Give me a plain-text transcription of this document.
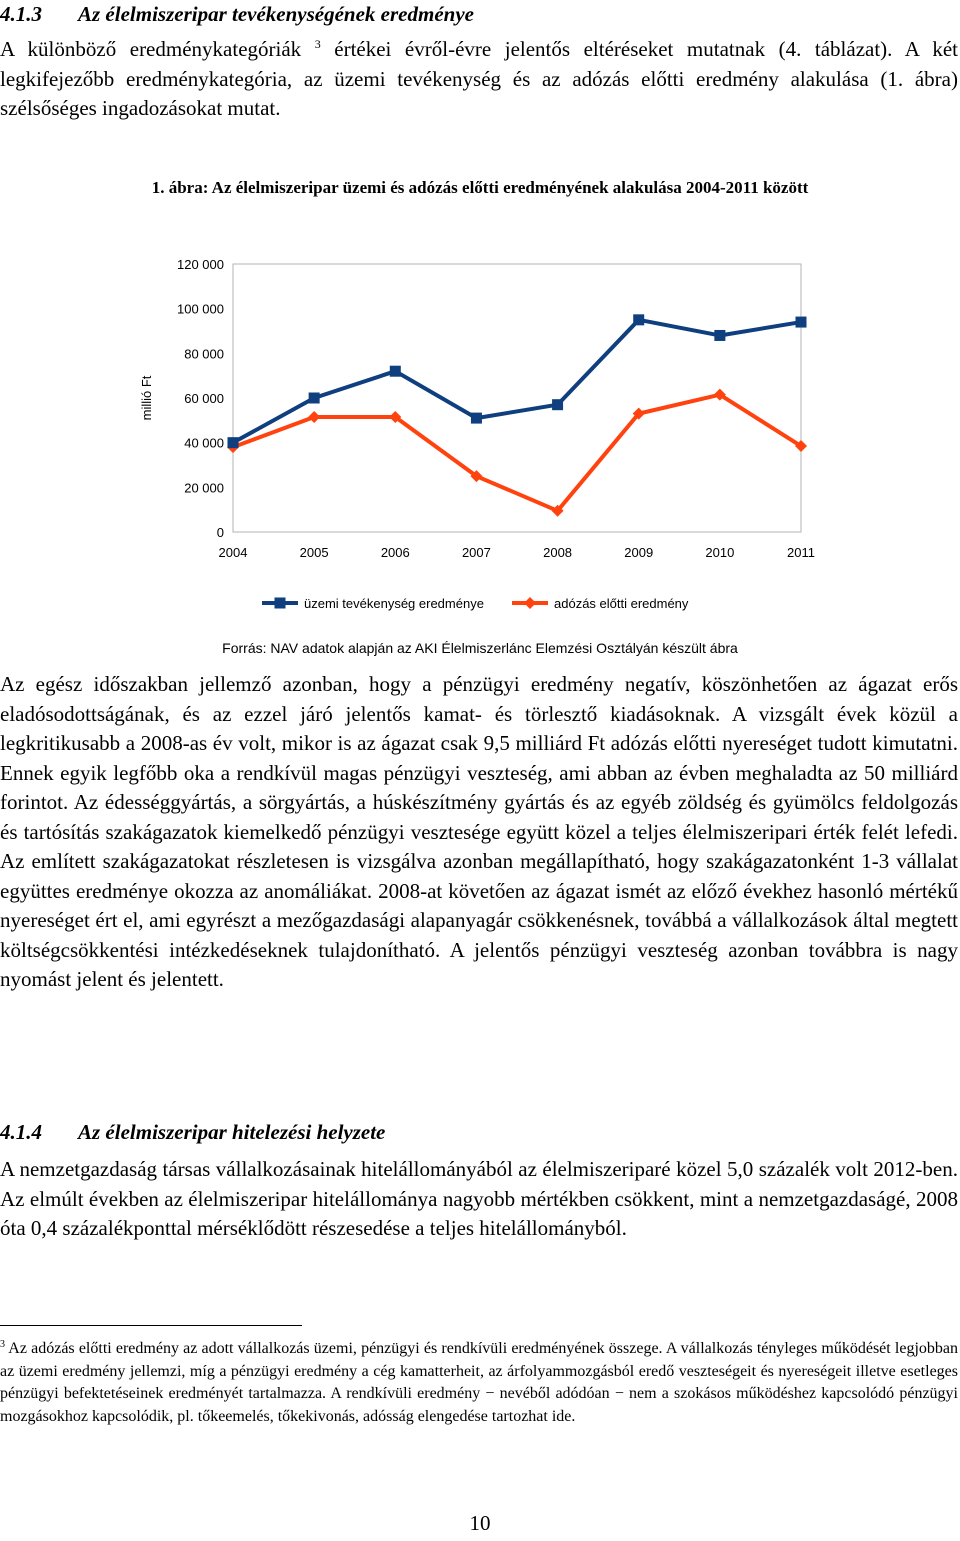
4.1.3 Az élelmiszeripar tevékenységének eredménye
A különböző eredménykategóriák $^3$ értékei évről-évre jelentős eltéréseket mutatnak (4. táblázat). A két legkifejezőbb eredménykategória, az üzemi tevékenység és az adózás előtti eredmény alakulása (1. ábra) szélsőséges ingadozásokat mutat.
1. ábra: Az élelmiszeripar üzemi és adózás előtti eredményének alakulása 2004-2011 között
0
20 000
40 000
60 000
80 000
100 000
120 000
2004	2005	2006	2007	2008	2009	2010	2011
millió Ft
üzemi tevékenység eredménye	adózás előtti eredmény
Forrás: NAV adatok alapján az AKI Élelmiszerlánc Elemzési Osztályán készült ábra
Az egész időszakban jellemző azonban, hogy a pénzügyi eredmény negatív, köszönhetően az ágazat erős eladósodottságának, és az ezzel járó jelentős kamat- és törlesztő kiadásoknak. A vizsgált évek közül a legkritikusabb a 2008-as év volt, mikor is az ágazat csak 9,5 milliárd Ft adózás előtti nyereséget tudott kimutatni. Ennek egyik legfőbb oka a rendkívül magas pénzügyi veszteség, ami abban az évben meghaladta az 50 milliárd forintot. Az édességgyártás, a sörgyártás, a húskészítmény gyártás és az egyéb zöldség és gyümölcs feldolgozás és tartósítás szakágazatok kiemelkedő pénzügyi vesztesége együtt közel a teljes élelmiszeripari érték felét lefedi. Az említett szakágazatokat részletesen is vizsgálva azonban megállapítható, hogy szakágazatonként 1-3 vállalat együttes eredménye okozza az anomáliákat. 2008-at követően az ágazat ismét az előző évekhez hasonló mértékű nyereséget ért el, ami egyrészt a mezőgazdasági alapanyagár csökkenésnek, továbbá a vállalkozások által megtett költségcsökkentési intézkedéseknek tulajdonítható. A jelentős pénzügyi veszteség azonban továbbra is nagy nyomást jelent és jelentett.
4.1.4 Az élelmiszeripar hitelezési helyzete
A nemzetgazdaság társas vállalkozásainak hitelállományából az élelmiszeriparé közel 5,0 százalék volt 2012-ben. Az elmúlt években az élelmiszeripar hitelállománya nagyobb mértékben csökkent, mint a nemzetgazdaságé, 2008 óta 0,4 százalékponttal mérséklődött részesedése a teljes hitelállományból.
$^3$ Az adózás előtti eredmény az adott vállalkozás üzemi, pénzügyi és rendkívüli eredményének összege. A vállalkozás tényleges működését legjobban az üzemi eredmény jellemzi, míg a pénzügyi eredmény a cég kamatterheit, az árfolyammozgásból eredő veszteségeit és nyereségeit illetve esetleges pénzügyi befektetéseinek eredményét tartalmazza. A rendkívüli eredmény − nevéből adódóan − nem a szokásos működéshez kapcsolódó pénzügyi mozgásokhoz kapcsolódik, pl. tőkeemelés, tőkekivonás, adósság elengedése tartozhat ide.
10
